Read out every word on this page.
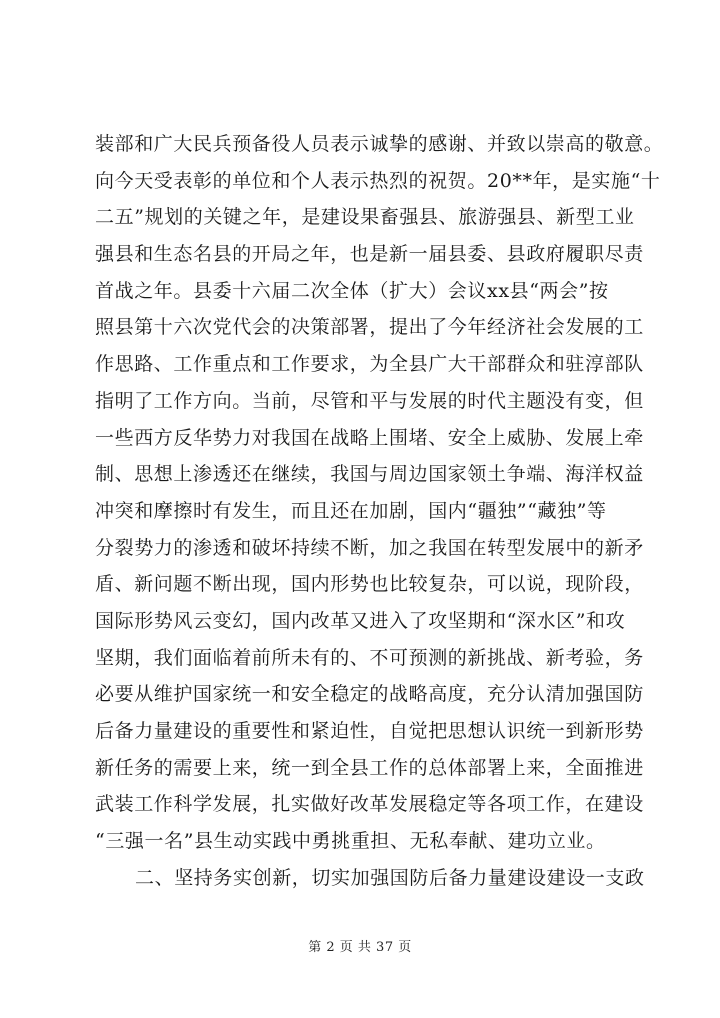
装部和广大民兵预备役人员表示诚挚的感谢、并致以崇高的敬意。
向今天受表彰的单位和个人表示热烈的祝贺。20**年，是实施“十
二五”规划的关键之年，是建设果畜强县、旅游强县、新型工业
强县和生态名县的开局之年，也是新一届县委、县政府履职尽责
首战之年。县委十六届二次全体（扩大）会议xx县“两会”按
照县第十六次党代会的决策部署，提出了今年经济社会发展的工
作思路、工作重点和工作要求，为全县广大干部群众和驻淳部队
指明了工作方向。当前，尽管和平与发展的时代主题没有变，但
一些西方反华势力对我国在战略上围堵、安全上威胁、发展上牵
制、思想上渗透还在继续，我国与周边国家领土争端、海洋权益
冲突和摩擦时有发生，而且还在加剧，国内“疆独”“藏独”等
分裂势力的渗透和破坏持续不断，加之我国在转型发展中的新矛
盾、新问题不断出现，国内形势也比较复杂，可以说，现阶段，
国际形势风云变幻，国内改革又进入了攻坚期和“深水区”和攻
坚期，我们面临着前所未有的、不可预测的新挑战、新考验，务
必要从维护国家统一和安全稳定的战略高度，充分认清加强国防
后备力量建设的重要性和紧迫性，自觉把思想认识统一到新形势
新任务的需要上来，统一到全县工作的总体部署上来，全面推进
武装工作科学发展，扎实做好改革发展稳定等各项工作，在建设
“三强一名”县生动实践中勇挑重担、无私奉献、建功立业。
二、坚持务实创新，切实加强国防后备力量建设建设一支政
第 2 页 共 37 页
